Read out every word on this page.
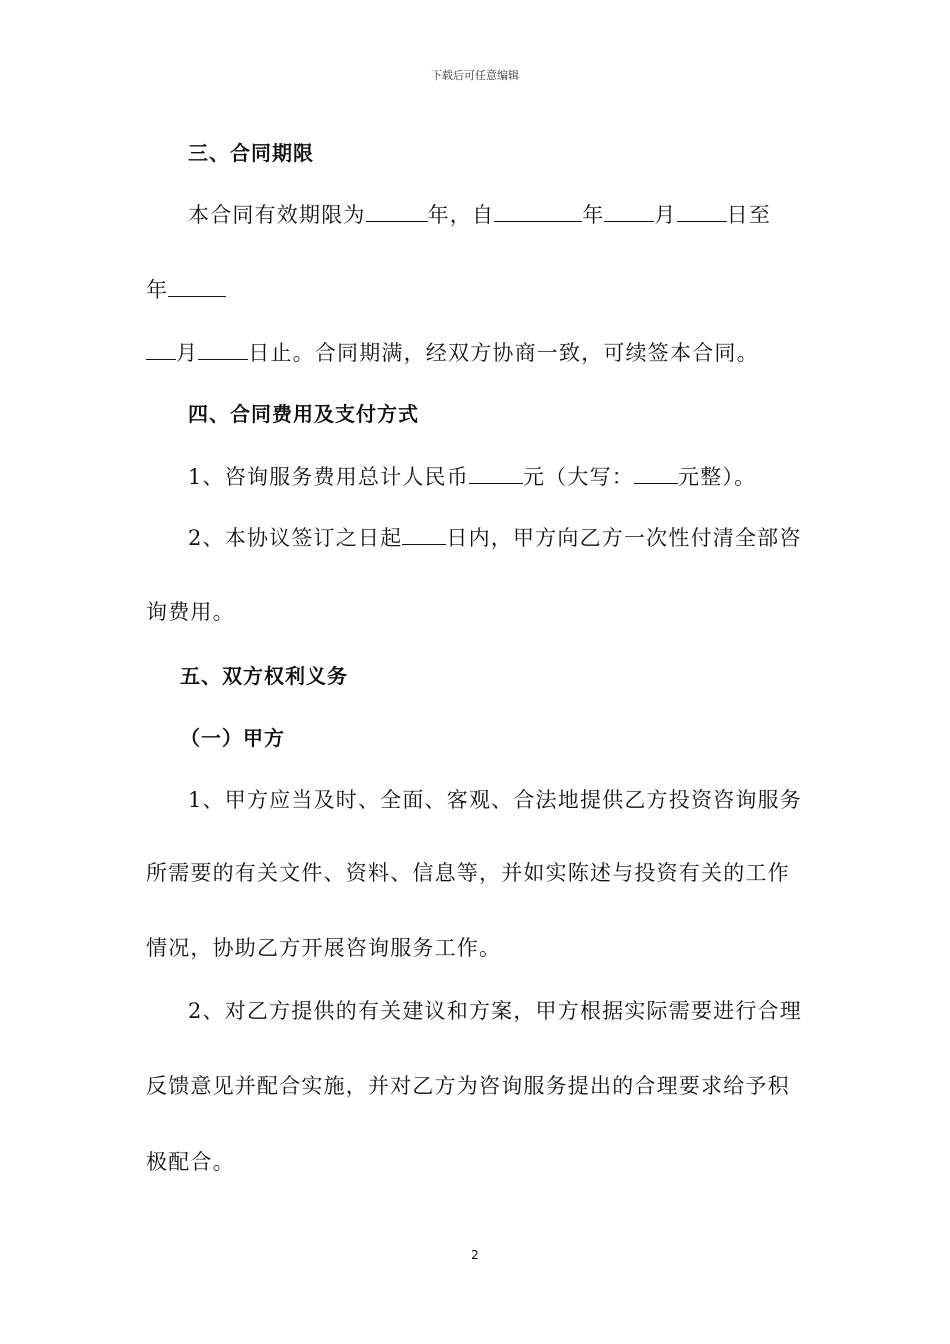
下载后可任意编辑
三、合同期限
本合同有效期限为	年，自	年 月 日至
年
月 日止。合同期满，经双方协商一致，可续签本合同。
四、合同费用及支付方式
1、咨询服务费用总计人民币	元（大写： 元整）。
2、本协议签订之日起 日内，甲方向乙方一次性付清全部咨
询费用。
五、双方权利义务
（一）甲方
1、甲方应当及时、全面、客观、合法地提供乙方投资咨询服务
所需要的有关文件、资料、信息等，并如实陈述与投资有关的工作
情况，协助乙方开展咨询服务工作。
2、对乙方提供的有关建议和方案，甲方根据实际需要进行合理
反馈意见并配合实施，并对乙方为咨询服务提出的合理要求给予积
极配合。
2
